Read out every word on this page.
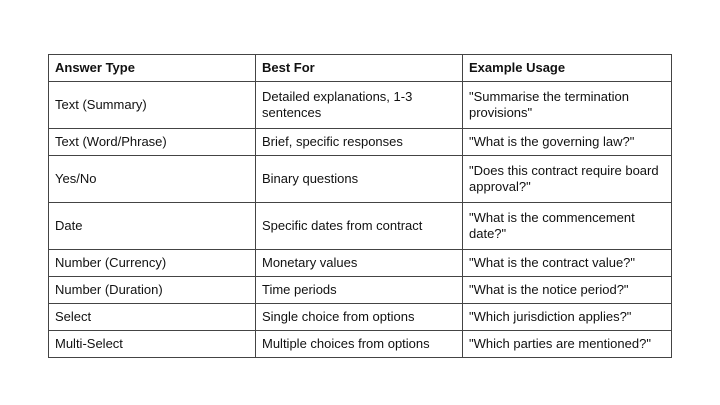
Answer Type	Best For	Example Usage
Text (Summary)	Detailed explanations, 1-3 sentences	"Summarise the termination provisions"
Text (Word/Phrase)	Brief, specific responses	"What is the governing law?"
Yes/No	Binary questions	"Does this contract require board approval?"
Date	Specific dates from contract	"What is the commencement date?"
Number (Currency)	Monetary values	"What is the contract value?"
Number (Duration)	Time periods	"What is the notice period?"
Select	Single choice from options	"Which jurisdiction applies?"
Multi-Select	Multiple choices from options	"Which parties are mentioned?"
